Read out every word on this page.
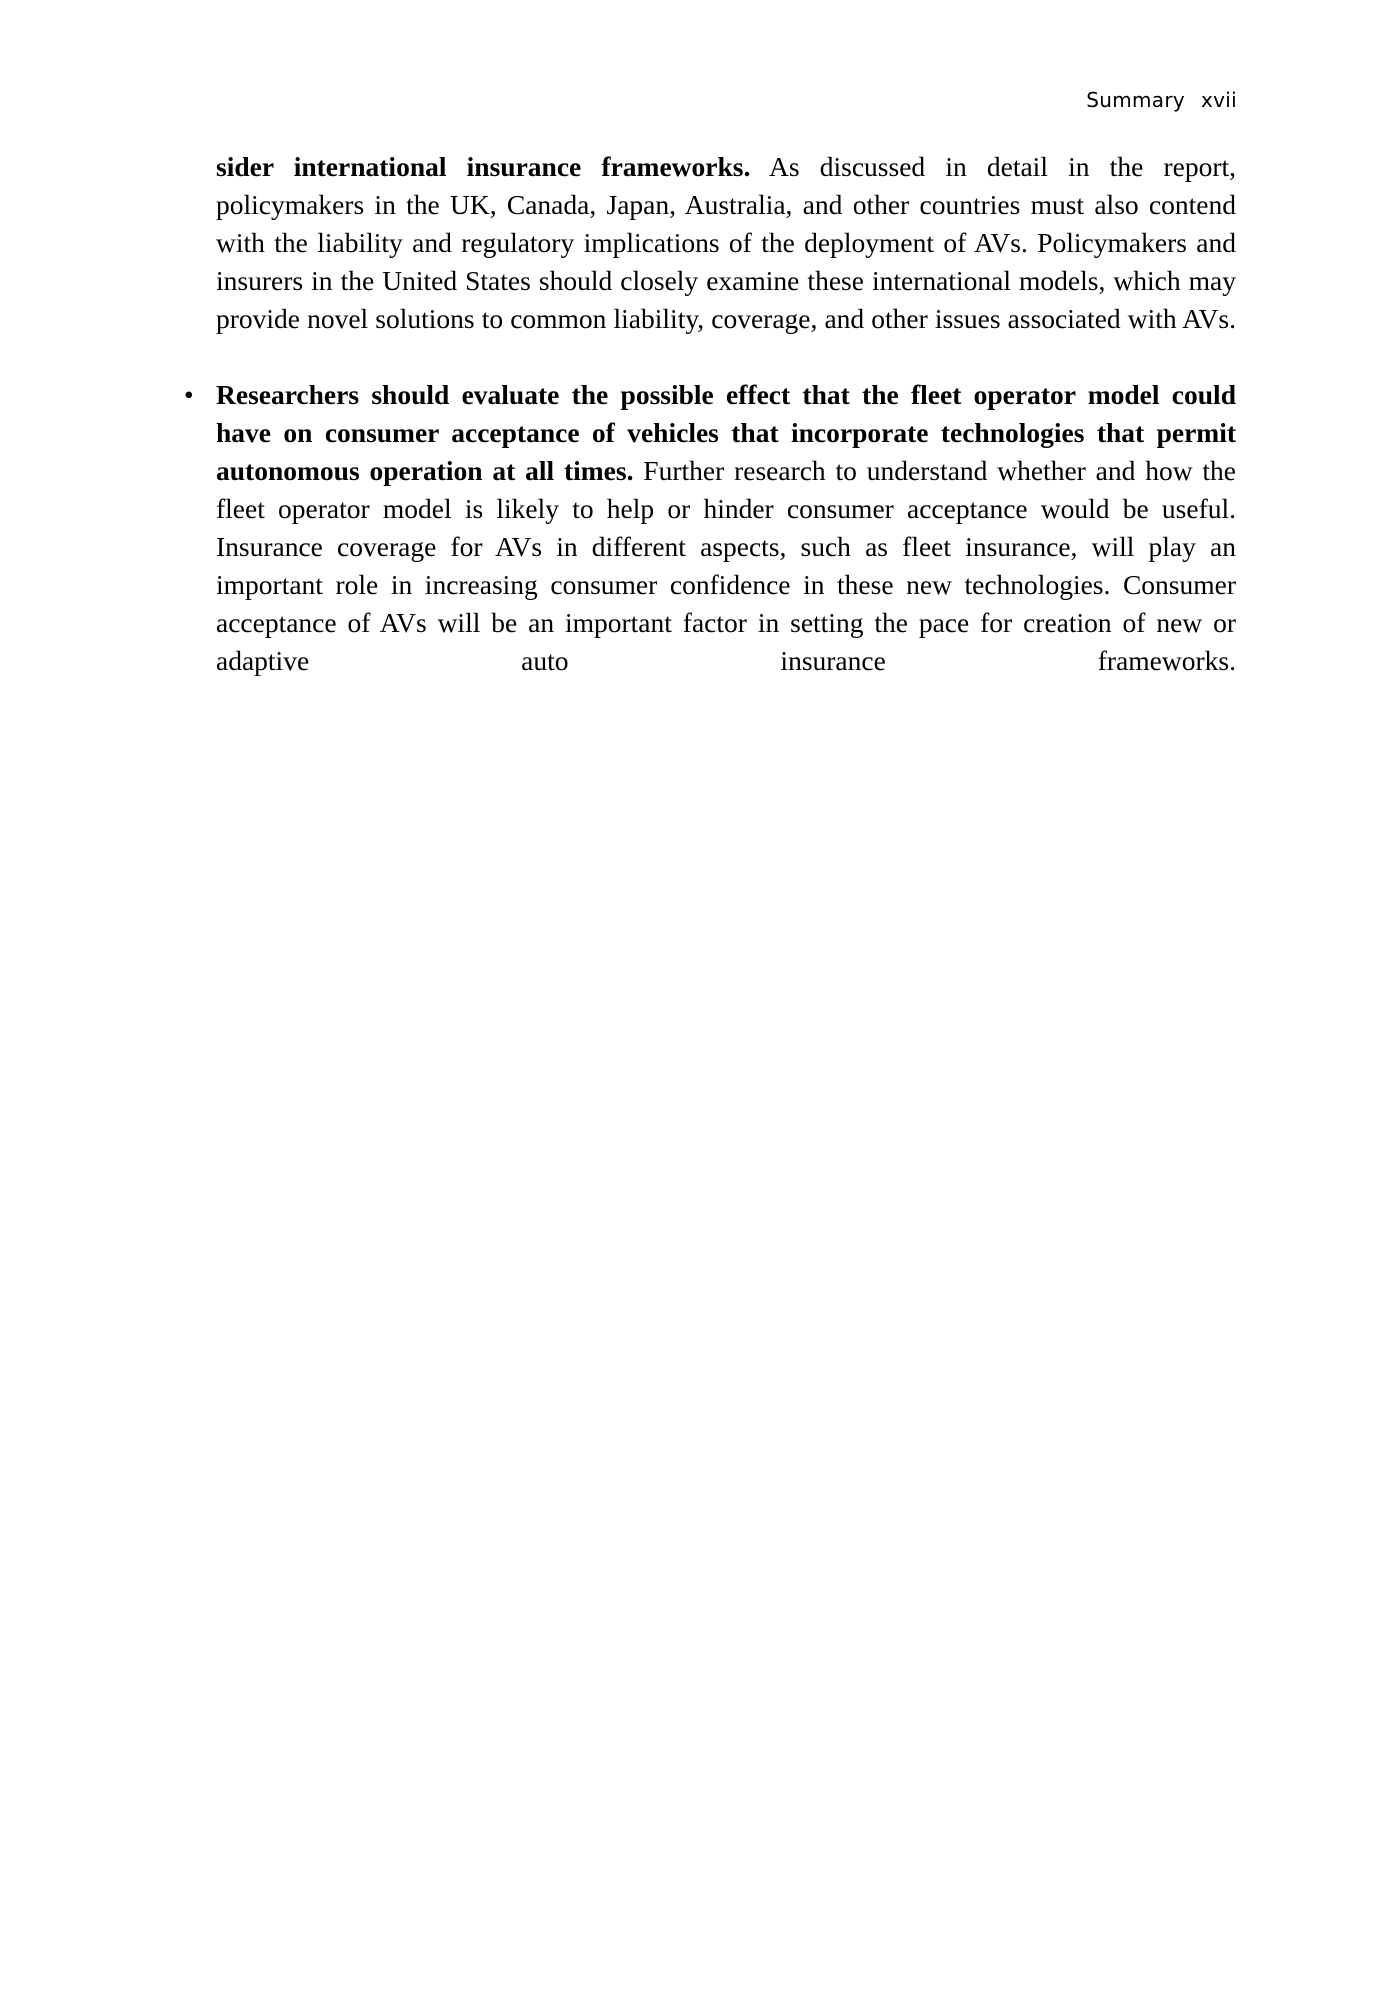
Summary xvii

sider international insurance frameworks. As discussed in detail in the report, policymakers in the UK, Canada, Japan, Australia, and other countries must also contend with the liability and regulatory implications of the deployment of AVs. Policymakers and insurers in the United States should closely examine these international models, which may provide novel solutions to common liability, coverage, and other issues associated with AVs.

• Researchers should evaluate the possible effect that the fleet operator model could have on consumer acceptance of vehicles that incorporate technologies that permit autonomous operation at all times. Further research to understand whether and how the fleet operator model is likely to help or hinder consumer acceptance would be useful. Insurance coverage for AVs in different aspects, such as fleet insurance, will play an important role in increasing consumer confidence in these new technologies. Consumer acceptance of AVs will be an important factor in setting the pace for creation of new or adaptive auto insurance frameworks.
